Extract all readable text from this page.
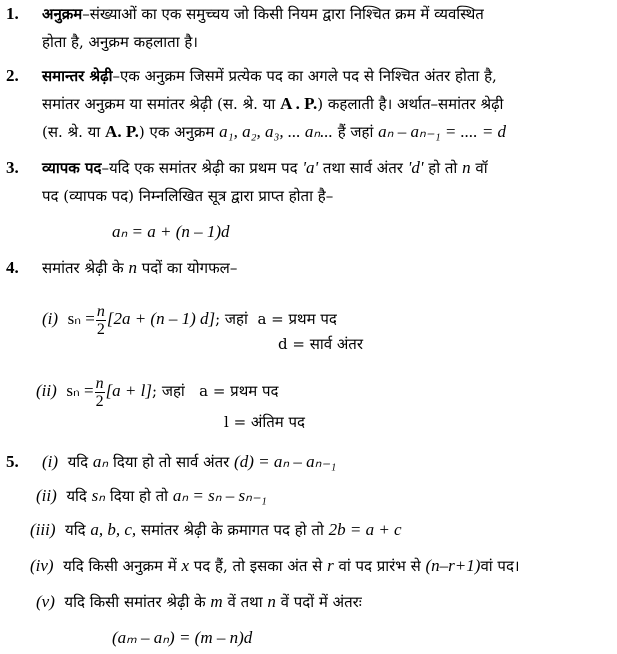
1. अनुक्रम–संख्याओं का एक समुच्चय जो किसी नियम द्वारा निश्चित क्रम में व्यवस्थित
होता है, अनुक्रम कहलाता है।
2. समान्तर श्रेढ़ी–एक अनुक्रम जिसमें प्रत्येक पद का अगले पद से निश्चित अंतर होता है,
समांतर अनुक्रम या समांतर श्रेढ़ी (स. श्रे. या A . P.) कहलाती है। अर्थात–समांतर श्रेढ़ी
(स. श्रे. या A. P.) एक अनुक्रम a₁, a₂, a₃, ... aₙ... हैं जहां aₙ – aₙ₋₁ = .... = d
3. व्यापक पद–यदि एक समांतर श्रेढ़ी का प्रथम पद 'a' तथा सार्व अंतर 'd' हो तो n वॉ
पद (व्यापक पद) निम्नलिखित सूत्र द्वारा प्राप्त होता है–
aₙ = a + (n – 1)d
4. समांतर श्रेढ़ी के n पदों का योगफल–
(i) $s_n = \frac{n}{2} [2a + (n - 1)$ d]; जहां  a = प्रथम पद
d = सार्व अंतर
(ii) $s_n = \frac{n}{2} [a + l]$; जहां   a = प्रथम पद
l = अंतिम पद
5. (i)  यदि aₙ दिया हो तो सार्व अंतर (d) = aₙ – aₙ₋₁
(ii)  यदि sₙ दिया हो तो aₙ = sₙ – sₙ₋₁
(iii)  यदि a, b, c, समांतर श्रेढ़ी के क्रमागत पद हो तो 2b = a + c
(iv)  यदि किसी अनुक्रम में x पद हैं, तो इसका अंत से r वां पद प्रारंभ से (n–r+1)वां पद।
(v)  यदि किसी समांतर श्रेढ़ी के m वें तथा n वें पदों में अंतरः
(aₘ – aₙ) = (m – n)d
